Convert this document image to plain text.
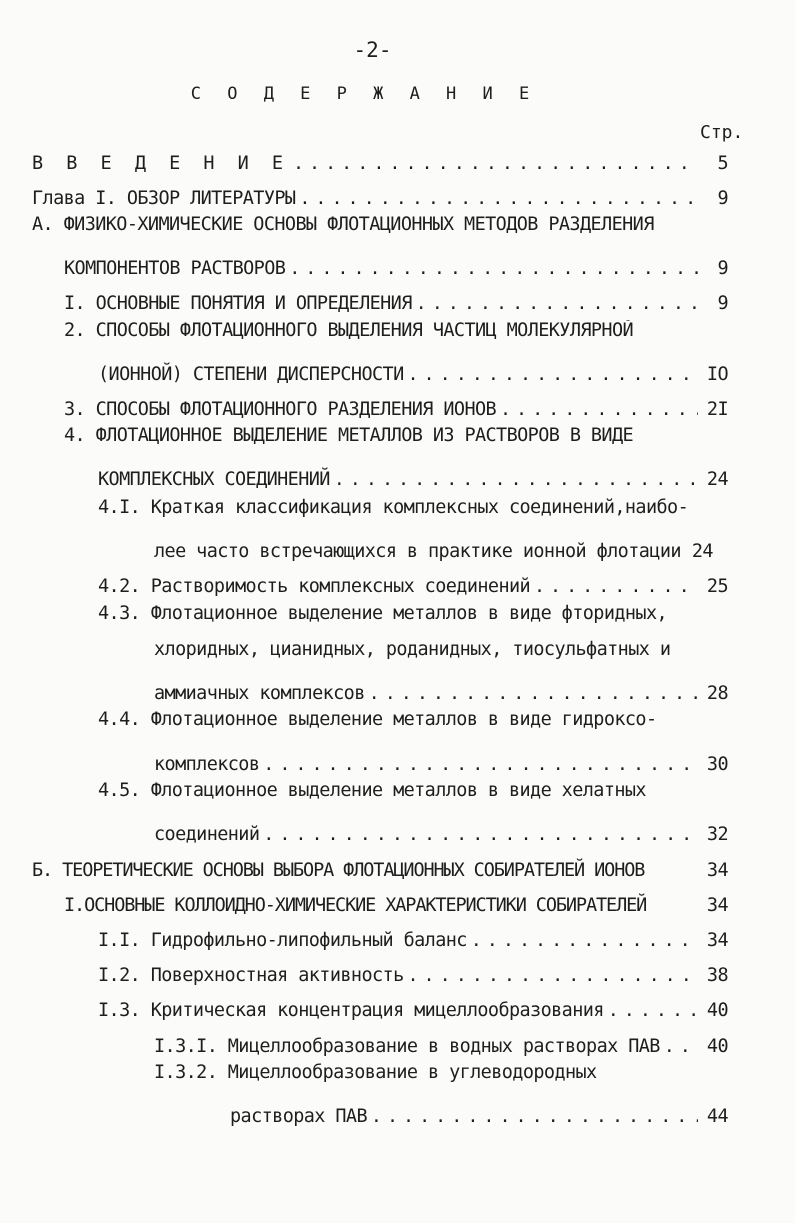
-2-
С О Д Е Р Ж А Н И Е
Стр.
В В Е Д Е Н И Е . . .	5
Глава I. ОБЗОР ЛИТЕРАТУРЫ . . .	9
А. ФИЗИКО-ХИМИЧЕСКИЕ ОСНОВЫ ФЛОТАЦИОННЫХ МЕТОДОВ РАЗДЕЛЕНИЯ
КОМПОНЕНТОВ РАСТВОРОВ . . .	9
I. ОСНОВНЫЕ ПОНЯТИЯ И ОПРЕДЕЛЕНИЯ . . .	9
2. СПОСОБЫ ФЛОТАЦИОННОГО ВЫДЕЛЕНИЯ ЧАСТИЦ МОЛЕКУЛЯРНОЙ
(ИОННОЙ) СТЕПЕНИ ДИСПЕРСНОСТИ . . .	IO
3. СПОСОБЫ ФЛОТАЦИОННОГО РАЗДЕЛЕНИЯ ИОНОВ . . .	2I
4. ФЛОТАЦИОННОЕ ВЫДЕЛЕНИЕ МЕТАЛЛОВ ИЗ РАСТВОРОВ В ВИДЕ
КОМПЛЕКСНЫХ СОЕДИНЕНИЙ . . .	24
4.I. Краткая классификация комплексных соединений,наибо-
лее часто встречающихся в практике ионной флотации 24
4.2. Растворимость комплексных соединений . . .	25
4.3. Флотационное выделение металлов в виде фторидных,
хлоридных, цианидных, роданидных, тиосульфатных и
аммиачных комплексов . . .	28
4.4. Флотационное выделение металлов в виде гидроксо-
комплексов . . .	30
4.5. Флотационное выделение металлов в виде хелатных
соединений . . .	32
Б. ТЕОРЕТИЧЕСКИЕ ОСНОВЫ ВЫБОРА ФЛОТАЦИОННЫХ СОБИРАТЕЛЕЙ ИОНОВ	34
I.ОСНОВНЫЕ КОЛЛОИДНО-ХИМИЧЕСКИЕ ХАРАКТЕРИСТИКИ СОБИРАТЕЛЕЙ	34
I.I. Гидрофильно-липофильный баланс . . .	34
I.2. Поверхностная активность . . .	38
I.3. Критическая концентрация мицеллообразования . . .	40
I.3.I. Мицеллообразование в водных растворах ПАВ . . .	40
I.3.2. Мицеллообразование в углеводородных
растворах ПАВ . . .	44
